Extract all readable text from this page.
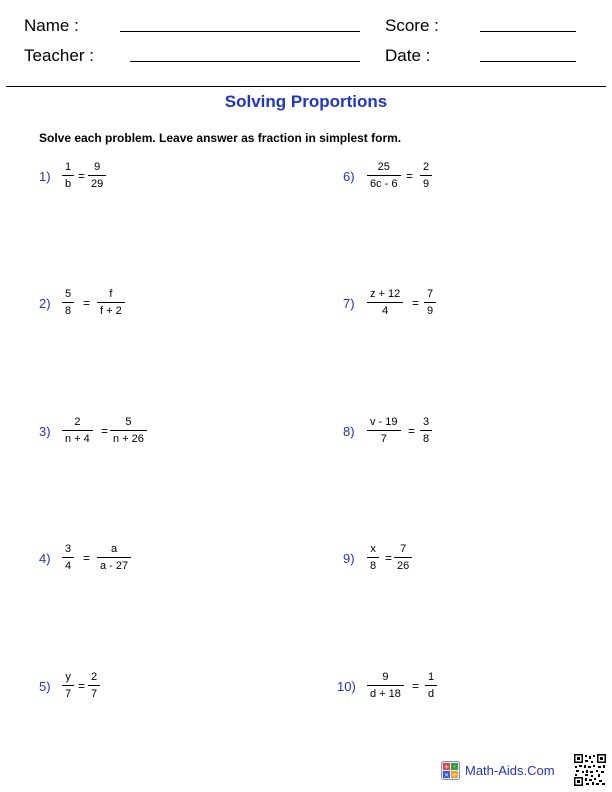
Name :	Score :
Teacher :	Date :
Solving Proportions
Solve each problem. Leave answer as fraction in simplest form.
1)
1
b
=
9
29
2)
5
8
=
f
f + 2
3)
2
n + 4
=
5
n + 26
4)
3
4
=
a
a - 27
5)
y
7
=
2
7
6)
25
6c - 6
=
2
9
7)
z + 12
4
=
7
9
8)
v - 19
7
=
3
8
9)
x
8
=
7
26
10)
9
d + 18
=
1
d
+ -
× ÷ Math-Aids.Com
